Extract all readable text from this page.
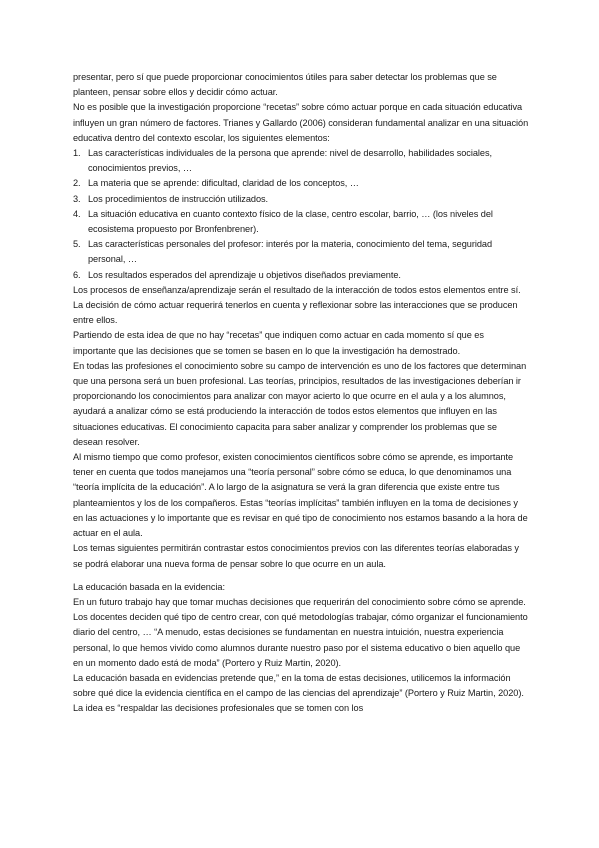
presentar, pero sí que puede proporcionar conocimientos útiles para saber detectar los problemas que se planteen, pensar sobre ellos y decidir cómo actuar.

No es posible que la investigación proporcione “recetas” sobre cómo actuar porque en cada situación educativa influyen un gran número de factores. Trianes y Gallardo (2006) consideran fundamental analizar en una situación educativa dentro del contexto escolar, los siguientes elementos:

1. Las características individuales de la persona que aprende: nivel de desarrollo, habilidades sociales, conocimientos previos, …
2. La materia que se aprende: dificultad, claridad de los conceptos, …
3. Los procedimientos de instrucción utilizados.
4. La situación educativa en cuanto contexto físico de la clase, centro escolar, barrio, … (los niveles del ecosistema propuesto por Bronfenbrener).
5. Las características personales del profesor: interés por la materia, conocimiento del tema, seguridad personal, …
6. Los resultados esperados del aprendizaje u objetivos diseñados previamente.

Los procesos de enseñanza/aprendizaje serán el resultado de la interacción de todos estos elementos entre sí. La decisión de cómo actuar requerirá tenerlos en cuenta y reflexionar sobre las interacciones que se producen entre ellos.

Partiendo de esta idea de que no hay “recetas” que indiquen como actuar en cada momento sí que es importante que las decisiones que se tomen se basen en lo que la investigación ha demostrado.

En todas las profesiones el conocimiento sobre su campo de intervención es uno de los factores que determinan que una persona será un buen profesional. Las teorías, principios, resultados de las investigaciones deberían ir proporcionando los conocimientos para analizar con mayor acierto lo que ocurre en el aula y a los alumnos, ayudará a analizar cómo se está produciendo la interacción de todos estos elementos que influyen en las situaciones educativas. El conocimiento capacita para saber analizar y comprender los problemas que se desean resolver.

Al mismo tiempo que como profesor, existen conocimientos científicos sobre cómo se aprende, es importante tener en cuenta que todos manejamos una “teoría personal” sobre cómo se educa, lo que denominamos una “teoría implícita de la educación”. A lo largo de la asignatura se verá la gran diferencia que existe entre tus planteamientos y los de los compañeros. Estas “teorías implícitas” también influyen en la toma de decisiones y en las actuaciones y lo importante que es revisar en qué tipo de conocimiento nos estamos basando a la hora de actuar en el aula.

Los temas siguientes permitirán contrastar estos conocimientos previos con las diferentes teorías elaboradas y se podrá elaborar una nueva forma de pensar sobre lo que ocurre en un aula.

La educación basada en la evidencia:

En un futuro trabajo hay que tomar muchas decisiones que requerirán del conocimiento sobre cómo se aprende. Los docentes deciden qué tipo de centro crear, con qué metodologías trabajar, cómo organizar el funcionamiento diario del centro, … “A menudo, estas decisiones se fundamentan en nuestra intuición, nuestra experiencia personal, lo que hemos vivido como alumnos durante nuestro paso por el sistema educativo o bien aquello que en un momento dado está de moda” (Portero y Ruiz Martin, 2020).

La educación basada en evidencias pretende que,” en la toma de estas decisiones, utilicemos la información sobre qué dice la evidencia científica en el campo de las ciencias del aprendizaje” (Portero y Ruiz Martin, 2020). La idea es “respaldar las decisiones profesionales que se tomen con los
